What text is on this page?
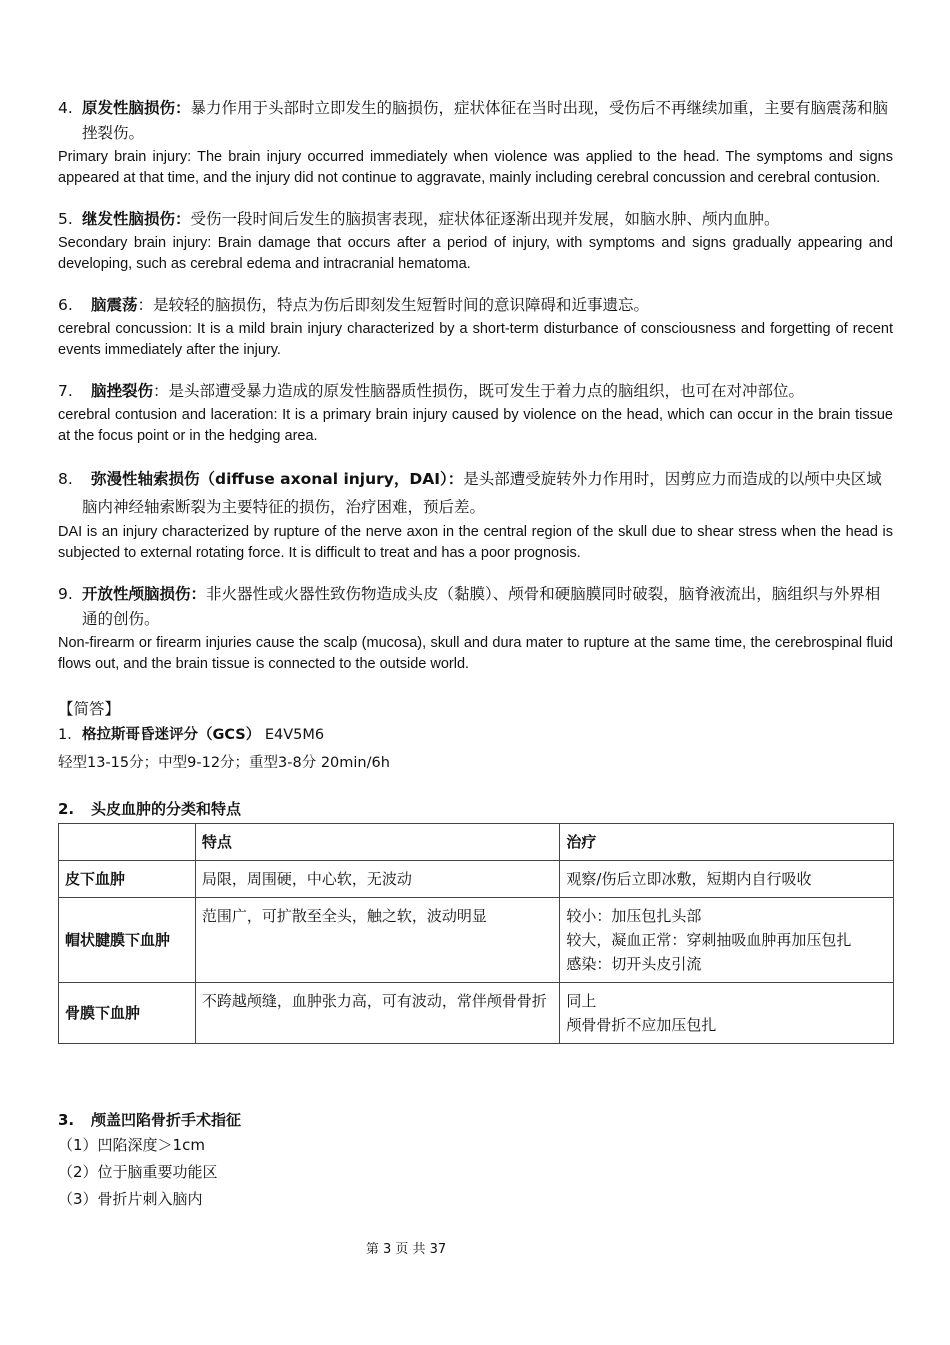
4. 原发性脑损伤：暴力作用于头部时立即发生的脑损伤，症状体征在当时出现，受伤后不再继续加重，主要有脑震荡和脑挫裂伤。

Primary brain injury: The brain injury occurred immediately when violence was applied to the head. The symptoms and signs appeared at that time, and the injury did not continue to aggravate, mainly including cerebral concussion and cerebral contusion.

5. 继发性脑损伤：受伤一段时间后发生的脑损害表现，症状体征逐渐出现并发展，如脑水肿、颅内血肿。

Secondary brain injury: Brain damage that occurs after a period of injury, with symptoms and signs gradually appearing and developing, such as cerebral edema and intracranial hematoma.

6. 脑震荡：是较轻的脑损伤，特点为伤后即刻发生短暂时间的意识障碍和近事遗忘。

cerebral concussion: It is a mild brain injury characterized by a short-term disturbance of consciousness and forgetting of recent events immediately after the injury.

7. 脑挫裂伤：是头部遭受暴力造成的原发性脑器质性损伤，既可发生于着力点的脑组织，也可在对冲部位。

cerebral contusion and laceration: It is a primary brain injury caused by violence on the head, which can occur in the brain tissue at the focus point or in the hedging area.

8. 弥漫性轴索损伤（diffuse axonal injury，DAI）：是头部遭受旋转外力作用时，因剪应力而造成的以颅中央区域脑内神经轴索断裂为主要特征的损伤，治疗困难，预后差。

DAI is an injury characterized by rupture of the nerve axon in the central region of the skull due to shear stress when the head is subjected to external rotating force. It is difficult to treat and has a poor prognosis.

9. 开放性颅脑损伤：非火器性或火器性致伤物造成头皮（黏膜）、颅骨和硬脑膜同时破裂，脑脊液流出，脑组织与外界相通的创伤。

Non-firearm or firearm injuries cause the scalp (mucosa), skull and dura mater to rupture at the same time, the cerebrospinal fluid flows out, and the brain tissue is connected to the outside world.

【简答】

1. 格拉斯哥昏迷评分（GCS） E4V5M6

轻型13-15分；中型9-12分；重型3-8分 20min/6h

2. 头皮血肿的分类和特点

	特点	治疗
皮下血肿	局限，周围硬，中心软，无波动	观察/伤后立即冰敷，短期内自行吸收

帽状腱膜下血肿	范围广，可扩散至全头，触之软，波动明显	较小：加压包扎头部
较大，凝血正常：穿刺抽吸血肿再加压包扎
感染：切开头皮引流

骨膜下血肿	不跨越颅缝，血肿张力高，可有波动，常伴颅骨骨折	同上
颅骨骨折不应加压包扎

3. 颅盖凹陷骨折手术指征

（1）凹陷深度＞1cm

（2）位于脑重要功能区

（3）骨折片刺入脑内

第 3 页 共 37
